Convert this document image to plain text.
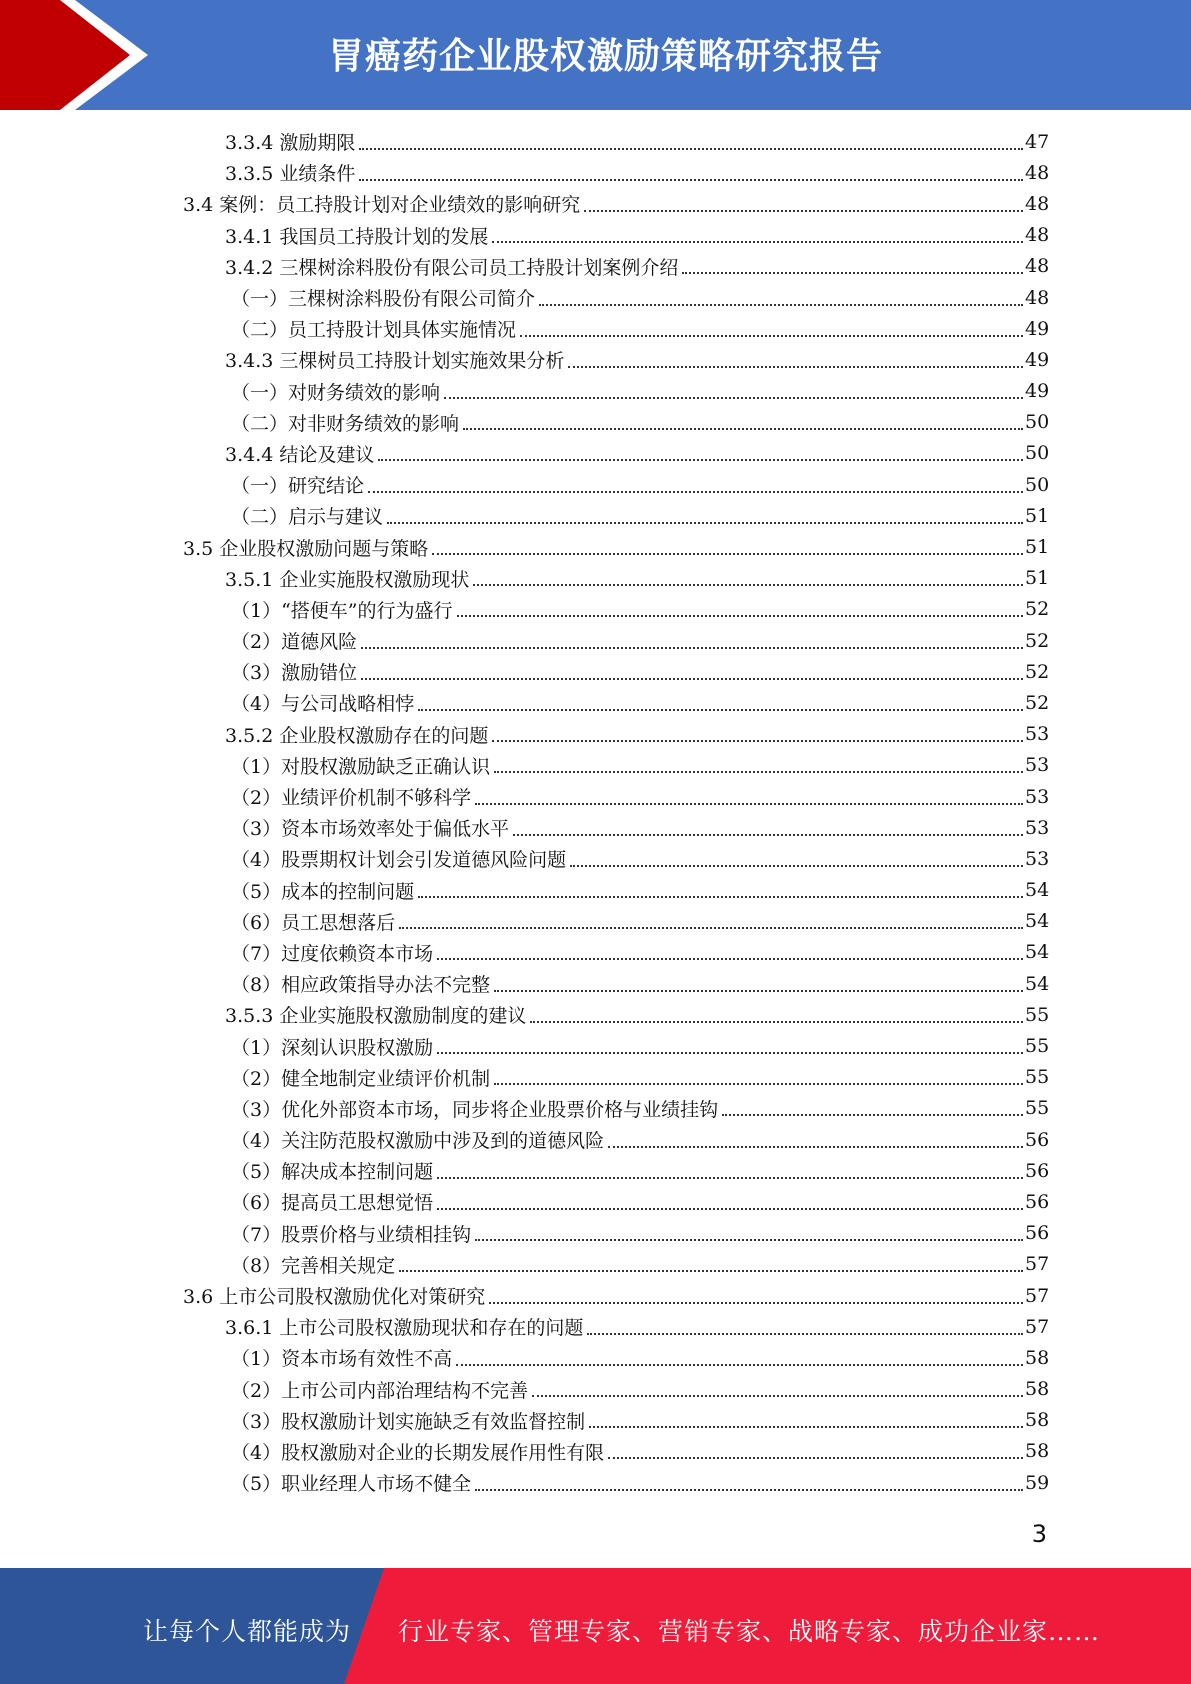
胃癌药企业股权激励策略研究报告
3.3.4 激励期限	47
3.3.5 业绩条件	48
3.4 案例：员工持股计划对企业绩效的影响研究	48
3.4.1 我国员工持股计划的发展	48
3.4.2 三棵树涂料股份有限公司员工持股计划案例介绍	48
（一）三棵树涂料股份有限公司简介	48
（二）员工持股计划具体实施情况	49
3.4.3 三棵树员工持股计划实施效果分析	49
（一）对财务绩效的影响	49
（二）对非财务绩效的影响	50
3.4.4 结论及建议	50
（一）研究结论	50
（二）启示与建议	51
3.5 企业股权激励问题与策略	51
3.5.1 企业实施股权激励现状	51
（1）“搭便车”的行为盛行	52
（2）道德风险	52
（3）激励错位	52
（4）与公司战略相悖	52
3.5.2 企业股权激励存在的问题	53
（1）对股权激励缺乏正确认识	53
（2）业绩评价机制不够科学	53
（3）资本市场效率处于偏低水平	53
（4）股票期权计划会引发道德风险问题	53
（5）成本的控制问题	54
（6）员工思想落后	54
（7）过度依赖资本市场	54
（8）相应政策指导办法不完整	54
3.5.3 企业实施股权激励制度的建议	55
（1）深刻认识股权激励	55
（2）健全地制定业绩评价机制	55
（3）优化外部资本市场，同步将企业股票价格与业绩挂钩	55
（4）关注防范股权激励中涉及到的道德风险	56
（5）解决成本控制问题	56
（6）提高员工思想觉悟	56
（7）股票价格与业绩相挂钩	56
（8）完善相关规定	57
3.6 上市公司股权激励优化对策研究	57
3.6.1 上市公司股权激励现状和存在的问题	57
（1）资本市场有效性不高	58
（2）上市公司内部治理结构不完善	58
（3）股权激励计划实施缺乏有效监督控制	58
（4）股权激励对企业的长期发展作用性有限	58
（5）职业经理人市场不健全	59
3
让每个人都能成为 行业专家、管理专家、营销专家、战略专家、成功企业家……
